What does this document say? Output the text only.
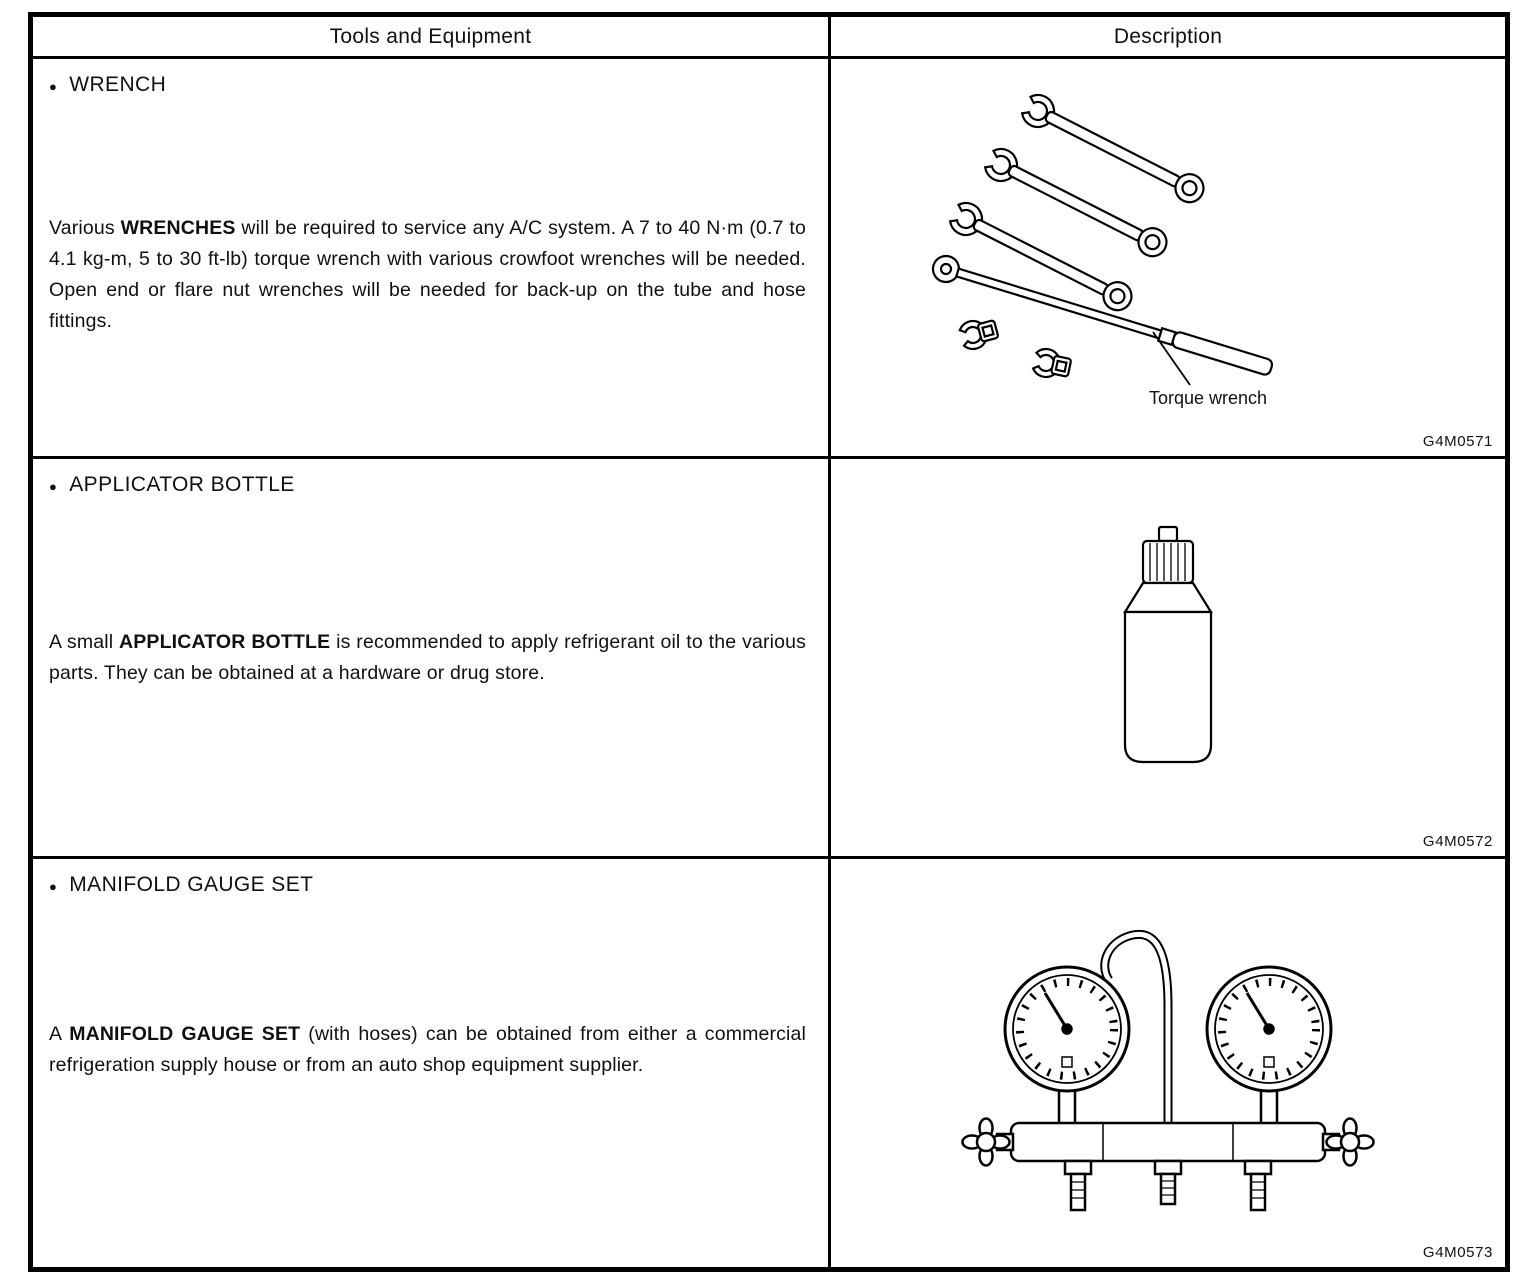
Tools and Equipment	Description
● WRENCH

Various WRENCHES will be required to service any A/C system. A 7 to 40 N·m (0.7 to 4.1 kg-m, 5 to 30 ft-lb) torque wrench with various crowfoot wrenches will be needed. Open end or flare nut wrenches will be needed for back-up on the tube and hose fittings.

Torque wrench
G4M0571
● APPLICATOR BOTTLE

A small APPLICATOR BOTTLE is recommended to apply refrigerant oil to the various parts. They can be obtained at a hardware or drug store.

G4M0572
● MANIFOLD GAUGE SET

A MANIFOLD GAUGE SET (with hoses) can be obtained from either a commercial refrigeration supply house or from an auto shop equipment supplier.

G4M0573
